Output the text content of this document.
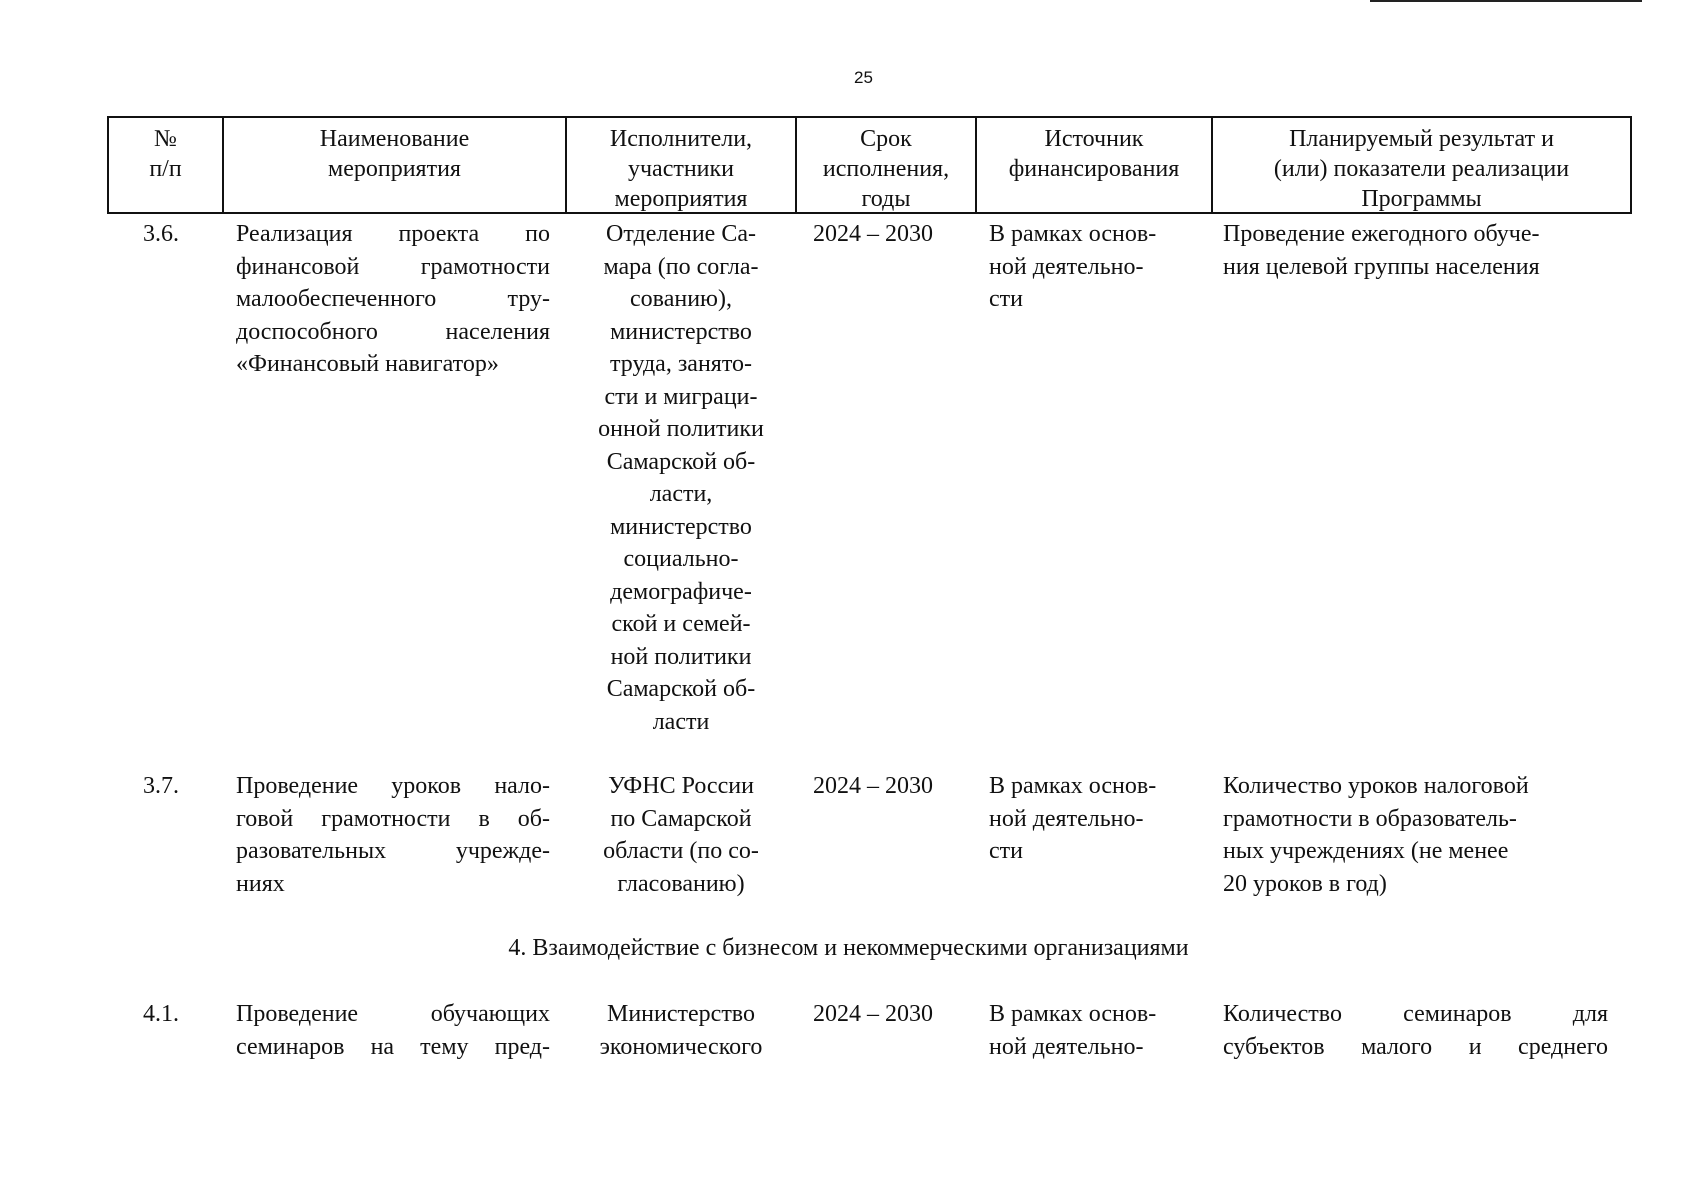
25
№
п/п
Наименование
мероприятия
Исполнители,
участники
мероприятия
Срок
исполнения,
годы
Источник
финансирования
Планируемый результат и
(или) показатели реализации
Программы
3.6. Реализация проекта по
финансовой грамотности
малообеспеченного тру-
доспособного населения
«Финансовый навигатор»
Отделение Са-
мара (по согла-
сованию),
министерство
труда, занято-
сти и миграци-
онной политики
Самарской об-
ласти,
министерство
социально-
демографиче-
ской и семей-
ной политики
Самарской об-
ласти
2024 – 2030 В рамках основ-
ной деятельно-
сти
Проведение ежегодного обуче-
ния целевой группы населения
3.7. Проведение уроков нало-
говой грамотности в об-
разовательных учрежде-
ниях
УФНС России
по Самарской
области (по со-
гласованию)
2024 – 2030 В рамках основ-
ной деятельно-
сти
Количество уроков налоговой
грамотности в образователь-
ных учреждениях (не менее
20 уроков в год)
4. Взаимодействие с бизнесом и некоммерческими организациями
4.1. Проведение обучающих
семинаров на тему пред-
Министерство
экономического
2024 – 2030 В рамках основ-
ной деятельно-
Количество семинаров для
субъектов малого и среднего
